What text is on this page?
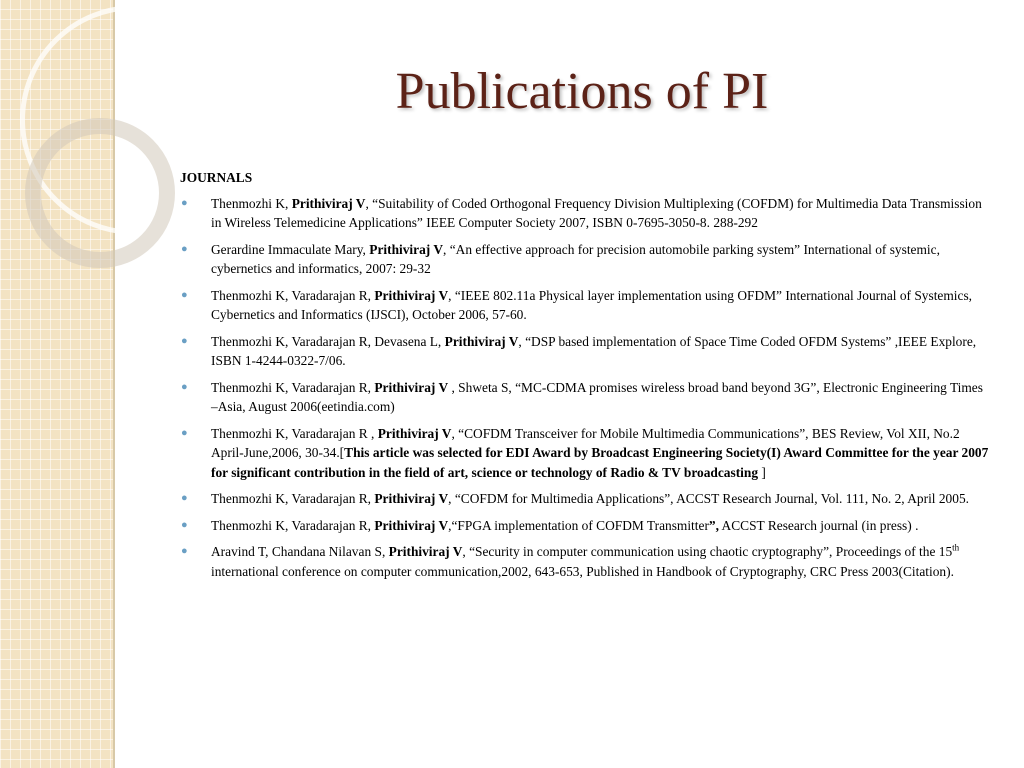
Publications of PI
JOURNALS
● Thenmozhi K, Prithiviraj V, “Suitability of Coded Orthogonal Frequency Division Multiplexing (COFDM) for Multimedia Data Transmission in Wireless Telemedicine Applications” IEEE Computer Society 2007, ISBN 0-7695-3050-8. 288-292
● Gerardine Immaculate Mary, Prithiviraj V, “An effective approach for precision automobile parking system” International of systemic, cybernetics and informatics, 2007: 29-32
● Thenmozhi K, Varadarajan R, Prithiviraj V, “IEEE 802.11a Physical layer implementation using OFDM” International Journal of Systemics, Cybernetics and Informatics (IJSCI), October 2006, 57-60.
● Thenmozhi K, Varadarajan R, Devasena L, Prithiviraj V, “DSP based implementation of Space Time Coded OFDM Systems” ,IEEE Explore, ISBN 1-4244-0322-7/06.
● Thenmozhi K, Varadarajan R, Prithiviraj V , Shweta S, “MC-CDMA promises wireless broad band beyond 3G”, Electronic Engineering Times –Asia, August 2006(eetindia.com)
● Thenmozhi K, Varadarajan R , Prithiviraj V, “COFDM Transceiver for Mobile Multimedia Communications”, BES Review, Vol XII, No.2 April-June,2006, 30-34.[This article was selected for EDI Award by Broadcast Engineering Society(I) Award Committee for the year 2007 for significant contribution in the field of art, science or technology of Radio & TV broadcasting ]
● Thenmozhi K, Varadarajan R, Prithiviraj V, “COFDM for Multimedia Applications”, ACCST Research Journal, Vol. 111, No. 2, April 2005.
● Thenmozhi K, Varadarajan R, Prithiviraj V,“FPGA implementation of COFDM Transmitter”, ACCST Research journal (in press) .
● Aravind T, Chandana Nilavan S, Prithiviraj V, “Security in computer communication using chaotic cryptography”, Proceedings of the 15th international conference on computer communication,2002, 643-653, Published in Handbook of Cryptography, CRC Press 2003(Citation).
